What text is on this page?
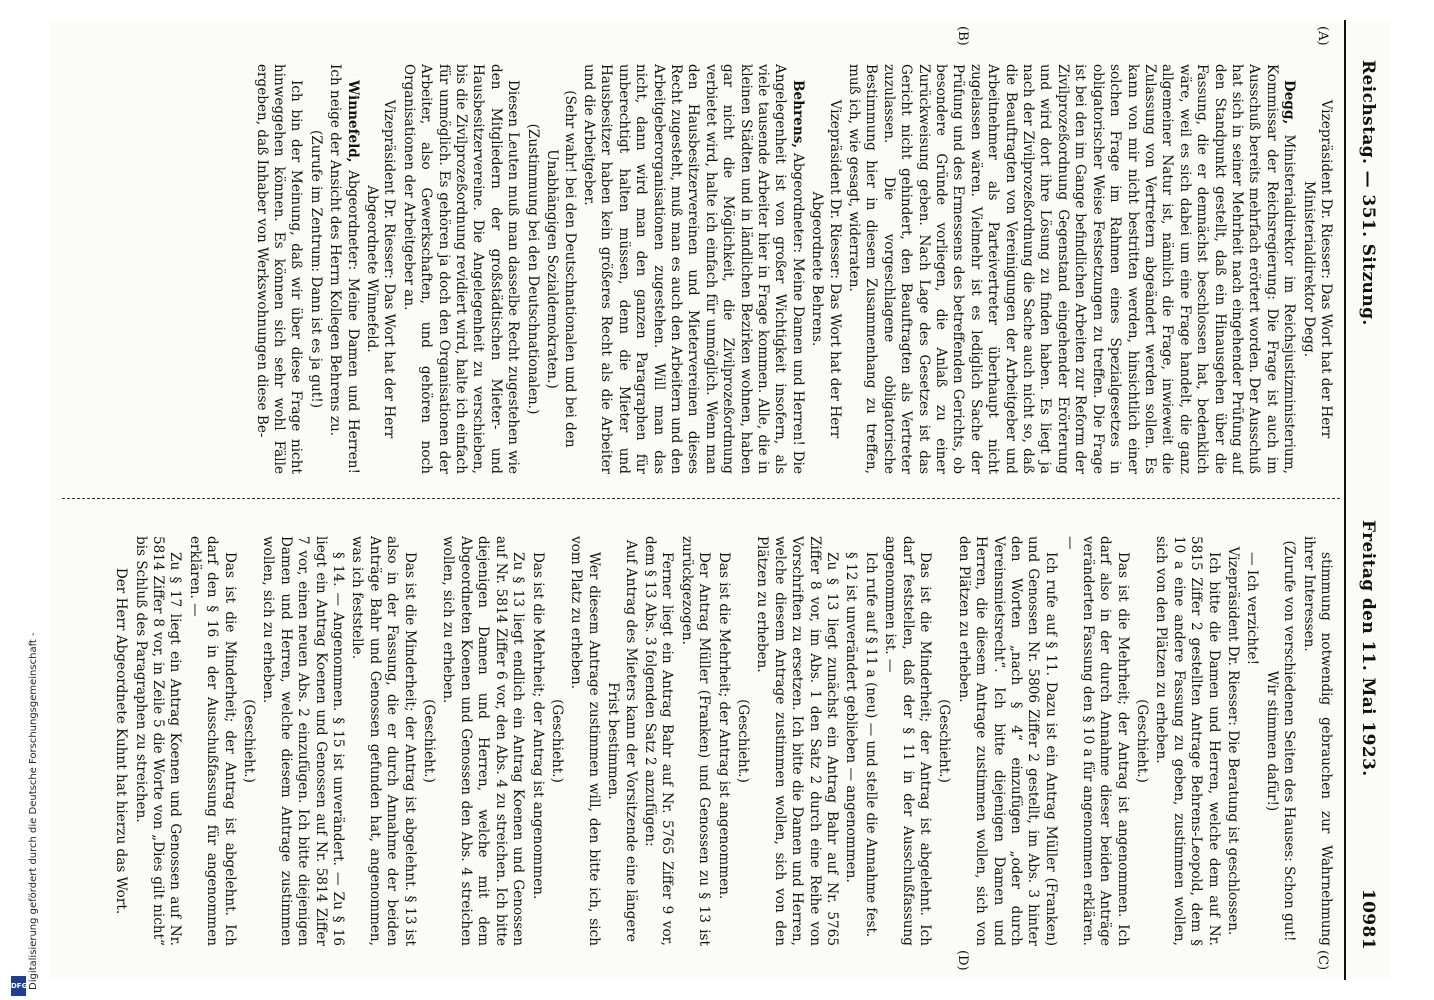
Reichstag. — 351. Sitzung.
Freitag den 11. Mai 1923.
10981
(A)
(B)
(C)
(D)

Vizepräsident Dr. Riesser: Das Wort hat der Herr Ministerialdirektor Degg.

Degg, Ministerialdirektor im Reichsjustizministerium, Kommissar der Reichsregierung: Die Frage ist auch im Ausschuß bereits mehrfach erörtert worden. Der Ausschuß hat sich in seiner Mehrheit nach eingehender Prüfung auf den Standpunkt gestellt, daß ein Hinausgehen über die Fassung, die er demnächst beschlossen hat, bedenklich wäre, weil es sich dabei um eine Frage handelt, die ganz allgemeiner Natur ist, nämlich die Frage, inwieweit die Zulassung von Vertretern abgeändert werden sollen. Es kann von mir nicht bestritten werden, hinsichtlich einer solchen Frage im Rahmen eines Spezialgesetzes in obligatorischer Weise Festsetzungen zu treffen. Die Frage ist bei den im Gange befindlichen Arbeiten zur Reform der Zivilprozeßordnung Gegenstand eingehender Erörterung und wird dort ihre Lösung zu finden haben. Es liegt ja nach der Zivilprozeßordnung die Sache auch nicht so, daß die Beauftragten von Vereinigungen der Arbeitgeber und Arbeitnehmer als Parteivertreter überhaupt nicht zugelassen wären. Vielmehr ist es lediglich Sache der Prüfung und des Ermessens des betreffenden Gerichts, ob besondere Gründe vorliegen, die Anlaß zu einer Zurückweisung geben. Nach Lage des Gesetzes ist das Gericht nicht gehindert, den Beauftragten als Vertreter zuzulassen. Die vorgeschlagene obligatorische Bestimmung hier in diesem Zusammenhang zu treffen, muß ich, wie gesagt, widerraten.

Vizepräsident Dr. Riesser: Das Wort hat der Herr Abgeordnete Behrens.

Behrens, Abgeordneter: Meine Damen und Herren! Die Angelegenheit ist von großer Wichtigkeit insofern, als viele tausende Arbeiter hier in Frage kommen. Alle, die in kleinen Städten und in ländlichen Bezirken wohnen, haben gar nicht die Möglichkeit, die Zivilprozeßordnung verbietet wird, halte ich einfach für unmöglich. Wenn man den Hausbesitzervereinen und Mietervereinen dieses Recht zugesteht, muß man es auch den Arbeitern und den Arbeitgeberorganisationen zugestehen. Will man das nicht, dann wird man den ganzen Paragraphen für unberechtigt halten müssen, denn die Mieter und Hausbesitzer haben kein größeres Recht als die Arbeiter und die Arbeitgeber.

(Sehr wahr! bei den Deutschnationalen und bei den Unabhängigen Sozialdemokraten.)

(Zustimmung bei den Deutschnationalen.)

Diesen Leuten muß man dasselbe Recht zugestehen wie den Mitgliedern der großstädtischen Mieter- und Hausbesitzervereine. Die Angelegenheit zu verschieben, bis die Zivilprozeßordnung revidiert wird, halte ich einfach für unmöglich. Es gehören ja doch den Organisationen der Arbeiter, also Gewerkschaften, und gehören noch Organisationen der Arbeitgeber an.

Vizepräsident Dr. Riesser: Das Wort hat der Herr Abgeordnete Winnefeld.

Winnefeld, Abgeordneter: Meine Damen und Herren! Ich neige der Ansicht des Herrn Kollegen Behrens zu.

(Zurufe im Zentrum: Dann ist es ja gut!)

Ich bin der Meinung, daß wir über diese Frage nicht hinweggehen können. Es können sich sehr wohl Fälle ergeben, daß Inhaber von Werkswohnungen diese Be-

stimmung notwendig gebrauchen zur Wahrnehmung ihrer Interessen.

(Zurufe von verschiedenen Seiten des Hauses: Schon gut! Wir stimmen dafür!)

— Ich verzichte!

Vizepräsident Dr. Riesser: Die Beratung ist geschlossen.

Ich bitte die Damen und Herren, welche dem auf Nr. 5815 Ziffer 2 gestellten Antrage Behrens-Leopold, dem § 10 a eine andere Fassung zu geben, zustimmen wollen, sich von den Plätzen zu erheben.

(Geschieht.)

Das ist die Mehrheit; der Antrag ist angenommen. Ich darf also in der durch Annahme dieser beiden Anträge veränderten Fassung den § 10 a für angenommen erklären. —

Ich rufe auf § 11. Dazu ist ein Antrag Müller (Franken) und Genossen Nr. 5806 Ziffer 2 gestellt, im Abs. 3 hinter den Worten „nach § 4“ einzufügen „oder durch Vereinsmietsrecht“. Ich bitte diejenigen Damen und Herren, die diesem Antrage zustimmen wollen, sich von den Plätzen zu erheben.

(Geschieht.)

Das ist die Minderheit; der Antrag ist abgelehnt. Ich darf feststellen, daß der § 11 in der Ausschußfassung angenommen ist. —

Ich rufe auf § 11 a (neu) — und stelle die Annahme fest.

§ 12 ist unverändert geblieben — angenommen.

Zu § 13 liegt zunächst ein Antrag Bahr auf Nr. 5765 Ziffer 8 vor, im Abs. 1 den Satz 2 durch eine Reihe von Vorschriften zu ersetzen. Ich bitte die Damen und Herren, welche diesem Antrage zustimmen wollen, sich von den Plätzen zu erheben.

(Geschieht.)

Das ist die Mehrheit; der Antrag ist angenommen.

Der Antrag Müller (Franken) und Genossen zu § 13 ist zurückgezogen.

Ferner liegt ein Antrag Bahr auf Nr. 5765 Ziffer 9 vor, dem § 13 Abs. 3 folgenden Satz 2 anzufügen:

Auf Antrag des Mieters kann der Vorsitzende eine längere Frist bestimmen.

Wer diesem Antrage zustimmen will, den bitte ich, sich vom Platz zu erheben.

(Geschieht.)

Das ist die Mehrheit; der Antrag ist angenommen.

Zu § 13 liegt endlich ein Antrag Koenen und Genossen auf Nr. 5814 Ziffer 6 vor, den Abs. 4 zu streichen. Ich bitte diejenigen Damen und Herren, welche mit dem Abgeordneten Koenen und Genossen den Abs. 4 streichen wollen, sich zu erheben.

(Geschieht.)

Das ist die Minderheit; der Antrag ist abgelehnt. § 13 ist also in der Fassung, die er durch Annahme der beiden Anträge Bahr und Genossen gefunden hat, angenommen, was ich feststelle.

§ 14. — Angenommen. § 15 ist unverändert. — Zu § 16 liegt ein Antrag Koenen und Genossen auf Nr. 5814 Ziffer 7 vor, einen neuen Abs. 2 einzufügen. Ich bitte diejenigen Damen und Herren, welche diesem Antrage zustimmen wollen, sich zu erheben.

(Geschieht.)

Das ist die Minderheit; der Antrag ist abgelehnt. Ich darf den § 16 in der Ausschußfassung für angenommen erklären. —

Zu § 17 liegt ein Antrag Koenen und Genossen auf Nr. 5814 Ziffer 8 vor, in Zeile 5 die Worte von „Dies gilt nicht“ bis Schluß des Paragraphen zu streichen.

Der Herr Abgeordnete Kuhnt hat hierzu das Wort.

Digitalisierung gefördert durch die Deutsche Forschungsgemeinschaft -
DFG
